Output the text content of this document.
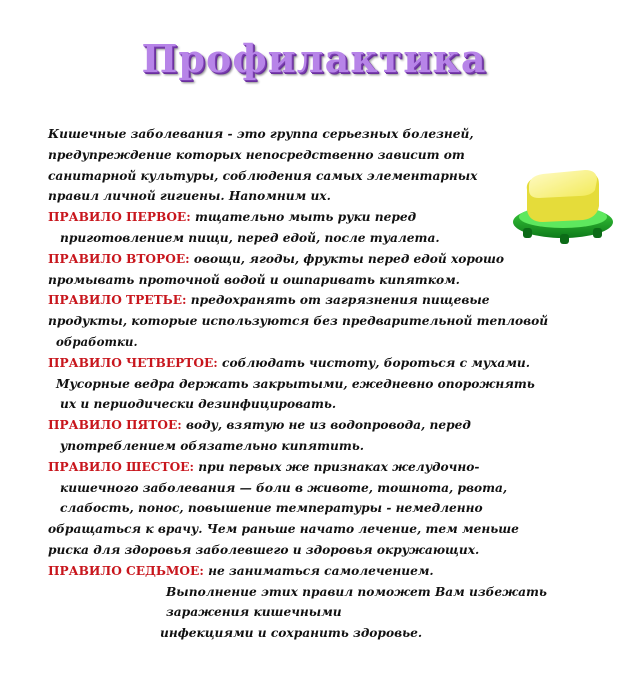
Профилактика
Кишечные заболевания - это группа серьезных болезней,
предупреждение которых непосредственно зависит от
санитарной культуры, соблюдения самых элементарных
правил личной гигиены. Напомним их.
ПРАВИЛО ПЕРВОЕ: тщательно мыть руки перед
приготовлением пищи, перед едой, после туалета.
ПРАВИЛО ВТОРОЕ: овощи, ягоды, фрукты перед едой хорошо
промывать проточной водой и ошпаривать кипятком.
ПРАВИЛО ТРЕТЬЕ: предохранять от загрязнения пищевые
продукты, которые используются без предварительной тепловой
обработки.
ПРАВИЛО ЧЕТВЕРТОЕ: соблюдать чистоту, бороться с мухами.
Мусорные ведра держать закрытыми, ежедневно опорожнять
их и периодически дезинфицировать.
ПРАВИЛО ПЯТОЕ: воду, взятую не из водопровода, перед
употреблением обязательно кипятить.
ПРАВИЛО ШЕСТОЕ: при первых же признаках желудочно-
кишечного заболевания — боли в животе, тошнота, рвота,
слабость, понос, повышение температуры - немедленно
обращаться к врачу. Чем раньше начато лечение, тем меньше
риска для здоровья заболевшего и здоровья окружающих.
ПРАВИЛО СЕДЬМОЕ: не заниматься самолечением.
Выполнение этих правил поможет Вам избежать
заражения кишечными
инфекциями и сохранить здоровье.
